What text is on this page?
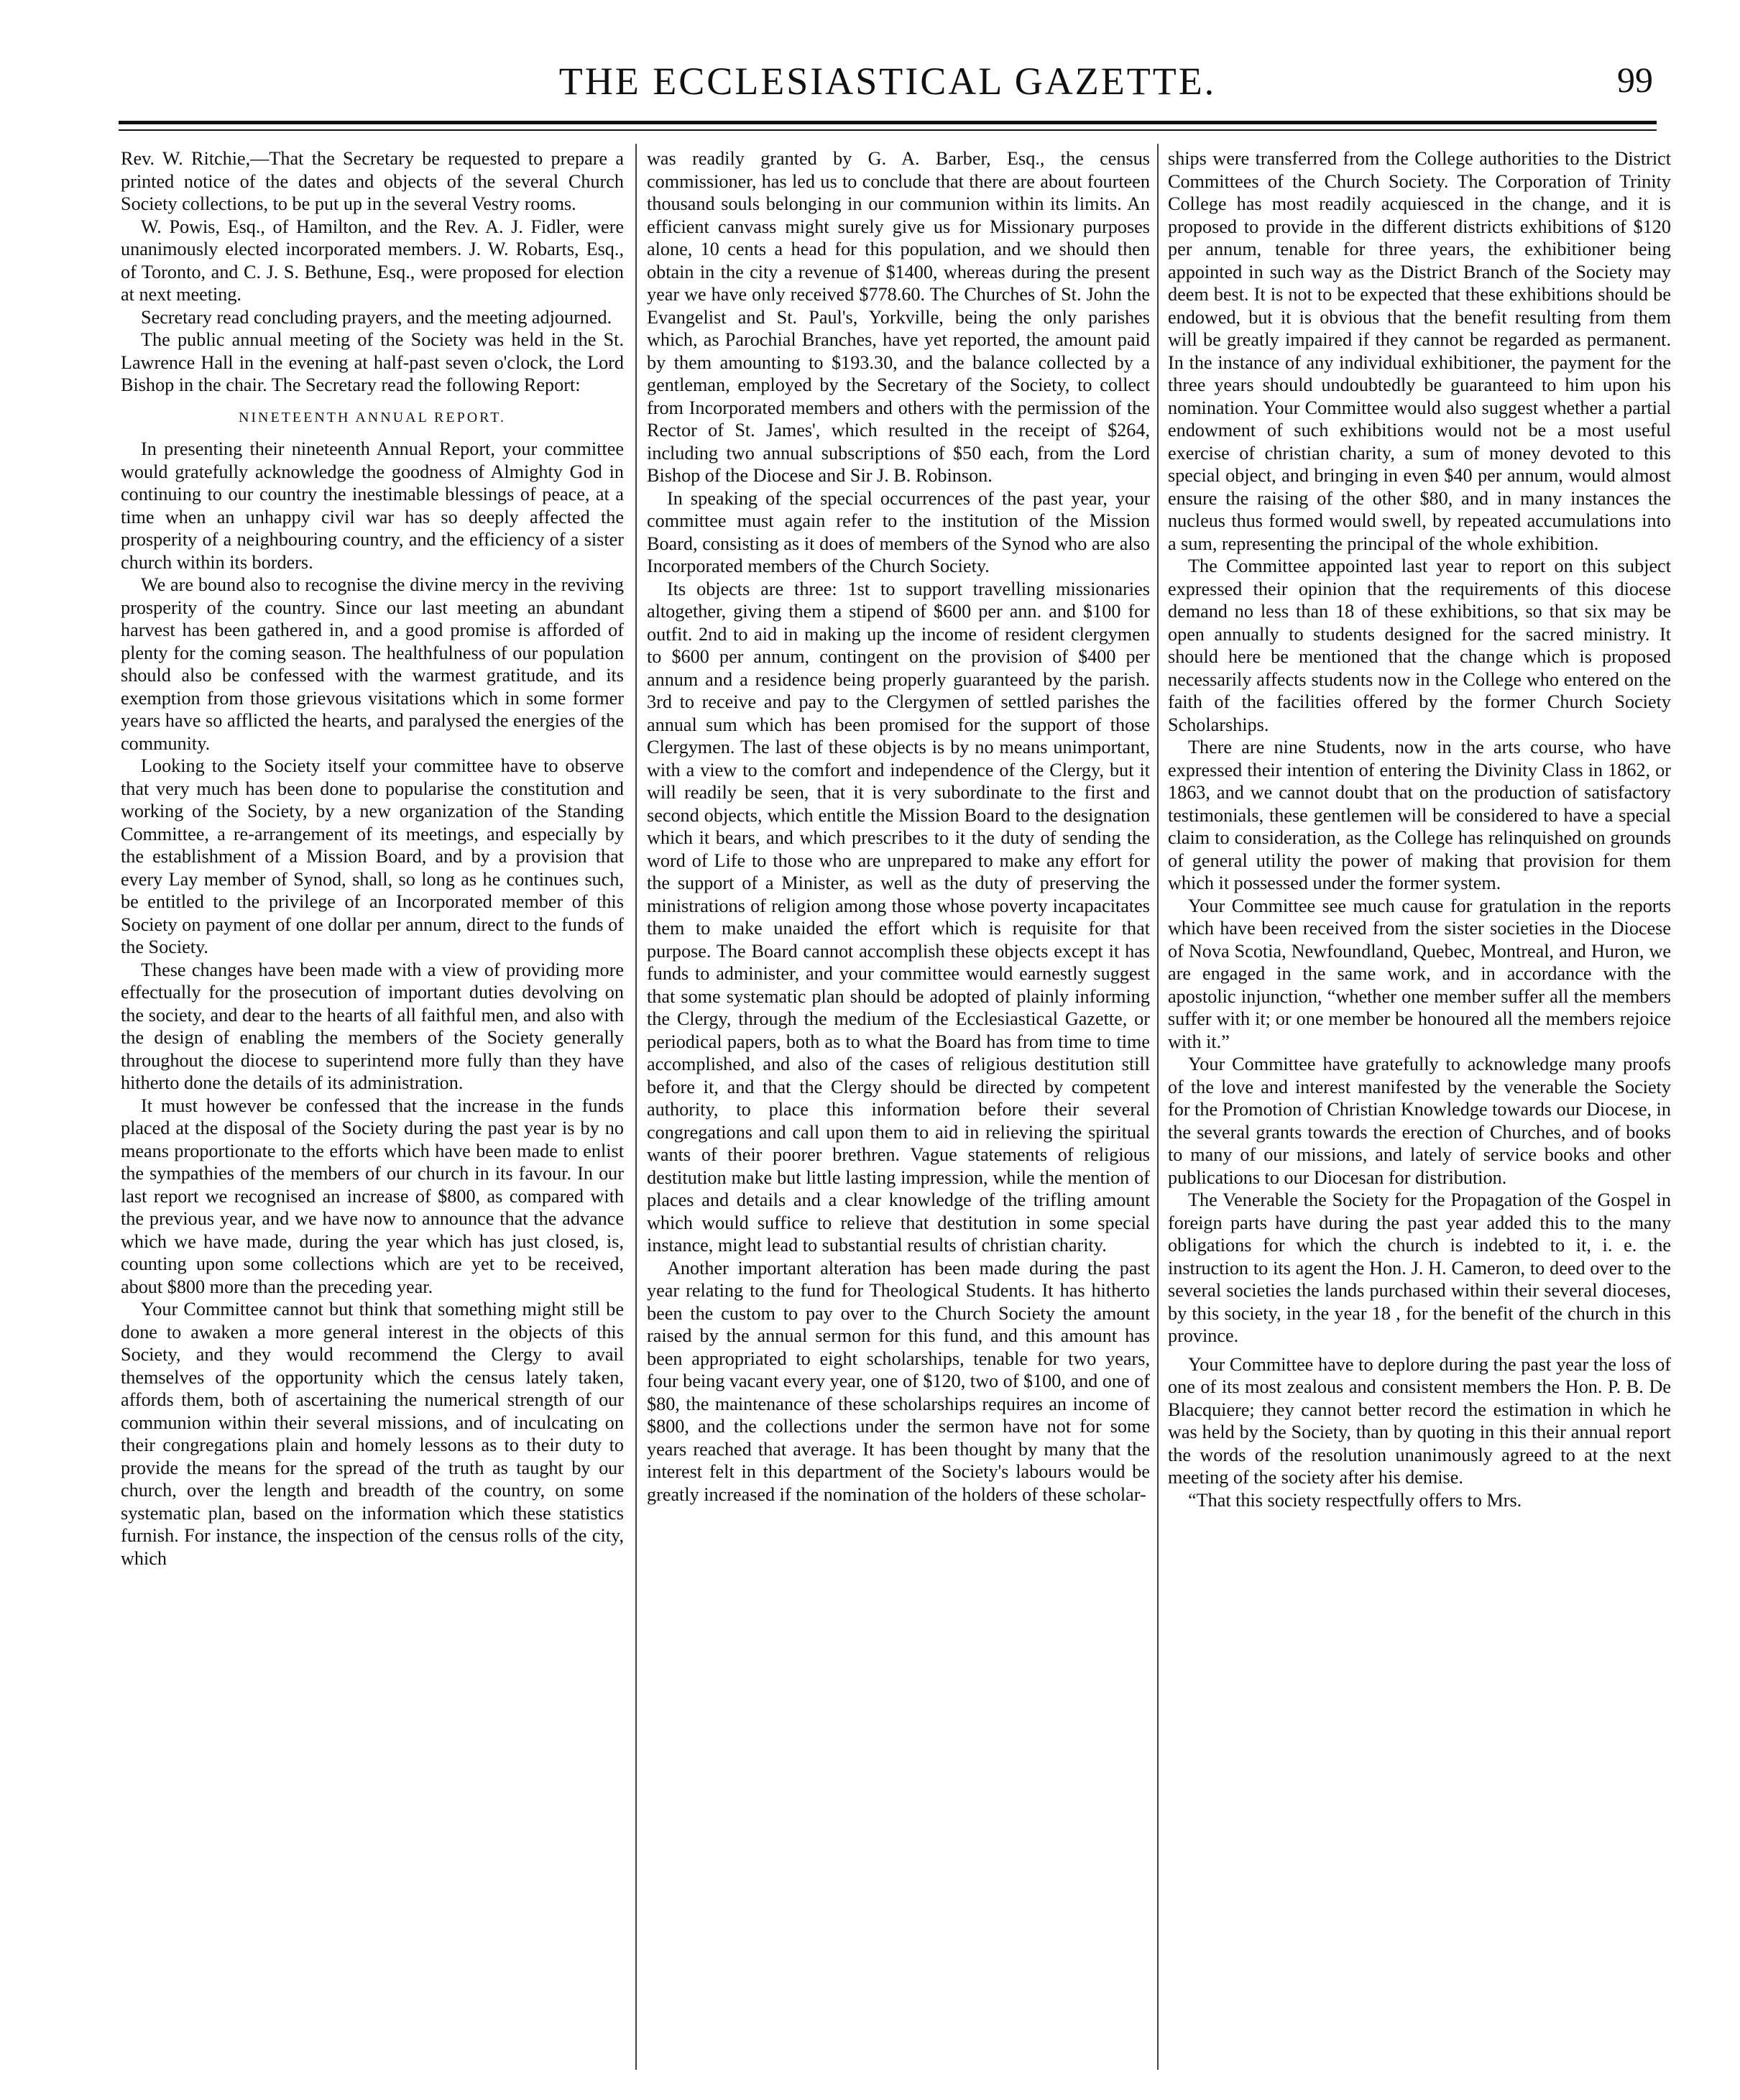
THE ECCLESIASTICAL GAZETTE.	99

Rev. W. Ritchie,—That the Secretary be requested to prepare a printed notice of the dates and objects of the several Church Society collections, to be put up in the several Vestry rooms.

W. Powis, Esq., of Hamilton, and the Rev. A. J. Fidler, were unanimously elected incorporated members. J. W. Robarts, Esq., of Toronto, and C. J. S. Bethune, Esq., were proposed for election at next meeting.

Secretary read concluding prayers, and the meeting adjourned.

The public annual meeting of the Society was held in the St. Lawrence Hall in the evening at half-past seven o'clock, the Lord Bishop in the chair. The Secretary read the following Report:

NINETEENTH ANNUAL REPORT.

In presenting their nineteenth Annual Report, your committee would gratefully acknowledge the goodness of Almighty God in continuing to our country the inestimable blessings of peace, at a time when an unhappy civil war has so deeply affected the prosperity of a neighbouring country, and the efficiency of a sister church within its borders.

We are bound also to recognise the divine mercy in the reviving prosperity of the country. Since our last meeting an abundant harvest has been gathered in, and a good promise is afforded of plenty for the coming season. The healthfulness of our population should also be confessed with the warmest gratitude, and its exemption from those grievous visitations which in some former years have so afflicted the hearts, and paralysed the energies of the community.

Looking to the Society itself your committee have to observe that very much has been done to popularise the constitution and working of the Society, by a new organization of the Standing Committee, a re-arrangement of its meetings, and especially by the establishment of a Mission Board, and by a provision that every Lay member of Synod, shall, so long as he continues such, be entitled to the privilege of an Incorporated member of this Society on payment of one dollar per annum, direct to the funds of the Society.

These changes have been made with a view of providing more effectually for the prosecution of important duties devolving on the society, and dear to the hearts of all faithful men, and also with the design of enabling the members of the Society generally throughout the diocese to superintend more fully than they have hitherto done the details of its administration.

It must however be confessed that the increase in the funds placed at the disposal of the Society during the past year is by no means proportionate to the efforts which have been made to enlist the sympathies of the members of our church in its favour. In our last report we recognised an increase of $800, as compared with the previous year, and we have now to announce that the advance which we have made, during the year which has just closed, is, counting upon some collections which are yet to be received, about $800 more than the preceding year.

Your Committee cannot but think that something might still be done to awaken a more general interest in the objects of this Society, and they would recommend the Clergy to avail themselves of the opportunity which the census lately taken, affords them, both of ascertaining the numerical strength of our communion within their several missions, and of inculcating on their congregations plain and homely lessons as to their duty to provide the means for the spread of the truth as taught by our church, over the length and breadth of the country, on some systematic plan, based on the information which these statistics furnish. For instance, the inspection of the census rolls of the city, which

was readily granted by G. A. Barber, Esq., the census commissioner, has led us to conclude that there are about fourteen thousand souls belonging in our communion within its limits. An efficient canvass might surely give us for Missionary purposes alone, 10 cents a head for this population, and we should then obtain in the city a revenue of $1400, whereas during the present year we have only received $778.60. The Churches of St. John the Evangelist and St. Paul's, Yorkville, being the only parishes which, as Parochial Branches, have yet reported, the amount paid by them amounting to $193.30, and the balance collected by a gentleman, employed by the Secretary of the Society, to collect from Incorporated members and others with the permission of the Rector of St. James', which resulted in the receipt of $264, including two annual subscriptions of $50 each, from the Lord Bishop of the Diocese and Sir J. B. Robinson.

In speaking of the special occurrences of the past year, your committee must again refer to the institution of the Mission Board, consisting as it does of members of the Synod who are also Incorporated members of the Church Society.

Its objects are three: 1st to support travelling missionaries altogether, giving them a stipend of $600 per ann. and $100 for outfit. 2nd to aid in making up the income of resident clergymen to $600 per annum, contingent on the provision of $400 per annum and a residence being properly guaranteed by the parish. 3rd to receive and pay to the Clergymen of settled parishes the annual sum which has been promised for the support of those Clergymen. The last of these objects is by no means unimportant, with a view to the comfort and independence of the Clergy, but it will readily be seen, that it is very subordinate to the first and second objects, which entitle the Mission Board to the designation which it bears, and which prescribes to it the duty of sending the word of Life to those who are unprepared to make any effort for the support of a Minister, as well as the duty of preserving the ministrations of religion among those whose poverty incapacitates them to make unaided the effort which is requisite for that purpose. The Board cannot accomplish these objects except it has funds to administer, and your committee would earnestly suggest that some systematic plan should be adopted of plainly informing the Clergy, through the medium of the Ecclesiastical Gazette, or periodical papers, both as to what the Board has from time to time accomplished, and also of the cases of religious destitution still before it, and that the Clergy should be directed by competent authority, to place this information before their several congregations and call upon them to aid in relieving the spiritual wants of their poorer brethren. Vague statements of religious destitution make but little lasting impression, while the mention of places and details and a clear knowledge of the trifling amount which would suffice to relieve that destitution in some special instance, might lead to substantial results of christian charity.

Another important alteration has been made during the past year relating to the fund for Theological Students. It has hitherto been the custom to pay over to the Church Society the amount raised by the annual sermon for this fund, and this amount has been appropriated to eight scholarships, tenable for two years, four being vacant every year, one of $120, two of $100, and one of $80, the maintenance of these scholarships requires an income of $800, and the collections under the sermon have not for some years reached that average. It has been thought by many that the interest felt in this department of the Society's labours would be greatly increased if the nomination of the holders of these scholar-

ships were transferred from the College authorities to the District Committees of the Church Society. The Corporation of Trinity College has most readily acquiesced in the change, and it is proposed to provide in the different districts exhibitions of $120 per annum, tenable for three years, the exhibitioner being appointed in such way as the District Branch of the Society may deem best. It is not to be expected that these exhibitions should be endowed, but it is obvious that the benefit resulting from them will be greatly impaired if they cannot be regarded as permanent. In the instance of any individual exhibitioner, the payment for the three years should undoubtedly be guaranteed to him upon his nomination. Your Committee would also suggest whether a partial endowment of such exhibitions would not be a most useful exercise of christian charity, a sum of money devoted to this special object, and bringing in even $40 per annum, would almost ensure the raising of the other $80, and in many instances the nucleus thus formed would swell, by repeated accumulations into a sum, representing the principal of the whole exhibition.

The Committee appointed last year to report on this subject expressed their opinion that the requirements of this diocese demand no less than 18 of these exhibitions, so that six may be open annually to students designed for the sacred ministry. It should here be mentioned that the change which is proposed necessarily affects students now in the College who entered on the faith of the facilities offered by the former Church Society Scholarships.

There are nine Students, now in the arts course, who have expressed their intention of entering the Divinity Class in 1862, or 1863, and we cannot doubt that on the production of satisfactory testimonials, these gentlemen will be considered to have a special claim to consideration, as the College has relinquished on grounds of general utility the power of making that provision for them which it possessed under the former system.

Your Committee see much cause for gratulation in the reports which have been received from the sister societies in the Diocese of Nova Scotia, Newfoundland, Quebec, Montreal, and Huron, we are engaged in the same work, and in accordance with the apostolic injunction, “whether one member suffer all the members suffer with it; or one member be honoured all the members rejoice with it.”

Your Committee have gratefully to acknowledge many proofs of the love and interest manifested by the venerable the Society for the Promotion of Christian Knowledge towards our Diocese, in the several grants towards the erection of Churches, and of books to many of our missions, and lately of service books and other publications to our Diocesan for distribution.

The Venerable the Society for the Propagation of the Gospel in foreign parts have during the past year added this to the many obligations for which the church is indebted to it, i. e. the instruction to its agent the Hon. J. H. Cameron, to deed over to the several societies the lands purchased within their several dioceses, by this society, in the year 18 , for the benefit of the church in this province.

Your Committee have to deplore during the past year the loss of one of its most zealous and consistent members the Hon. P. B. De Blacquiere; they cannot better record the estimation in which he was held by the Society, than by quoting in this their annual report the words of the resolution unanimously agreed to at the next meeting of the society after his demise.

“That this society respectfully offers to Mrs.
